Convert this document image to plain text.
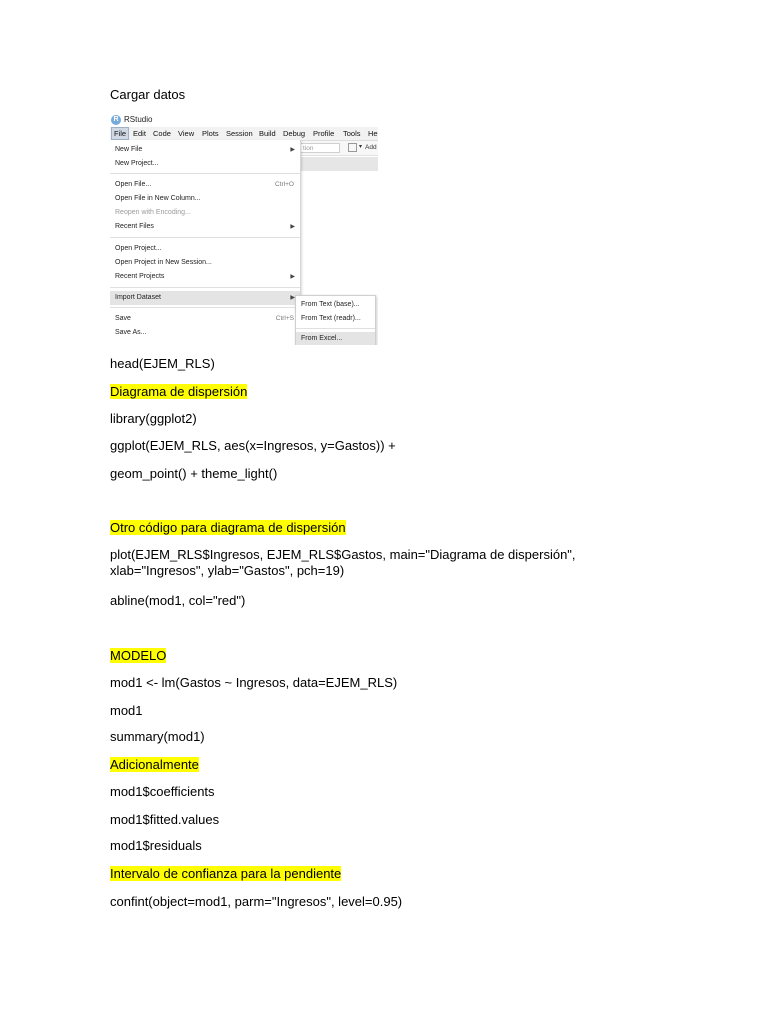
Cargar datos
R RStudio
File Edit Code View Plots Session Build Debug Profile Tools He
tion	▾ Add
New File	▶
New Project...
Open File...	Ctrl+O
Open File in New Column...
Reopen with Encoding...
Recent Files	▶
Open Project...
Open Project in New Session...
Recent Projects	▶
Import Dataset	▶
Save	Ctrl+S
Save As...
From Text (base)...
From Text (readr)...
From Excel...
head(EJEM_RLS)
Diagrama de dispersión
library(ggplot2)
ggplot(EJEM_RLS, aes(x=Ingresos, y=Gastos)) +
geom_point() + theme_light()
Otro código para diagrama de dispersión
plot(EJEM_RLS$Ingresos, EJEM_RLS$Gastos, main="Diagrama de dispersión", xlab="Ingresos", ylab="Gastos", pch=19)
abline(mod1, col="red")
MODELO
mod1 <- lm(Gastos ~ Ingresos, data=EJEM_RLS)
mod1
summary(mod1)
Adicionalmente
mod1$coefficients
mod1$fitted.values
mod1$residuals
Intervalo de confianza para la pendiente
confint(object=mod1, parm="Ingresos", level=0.95)
